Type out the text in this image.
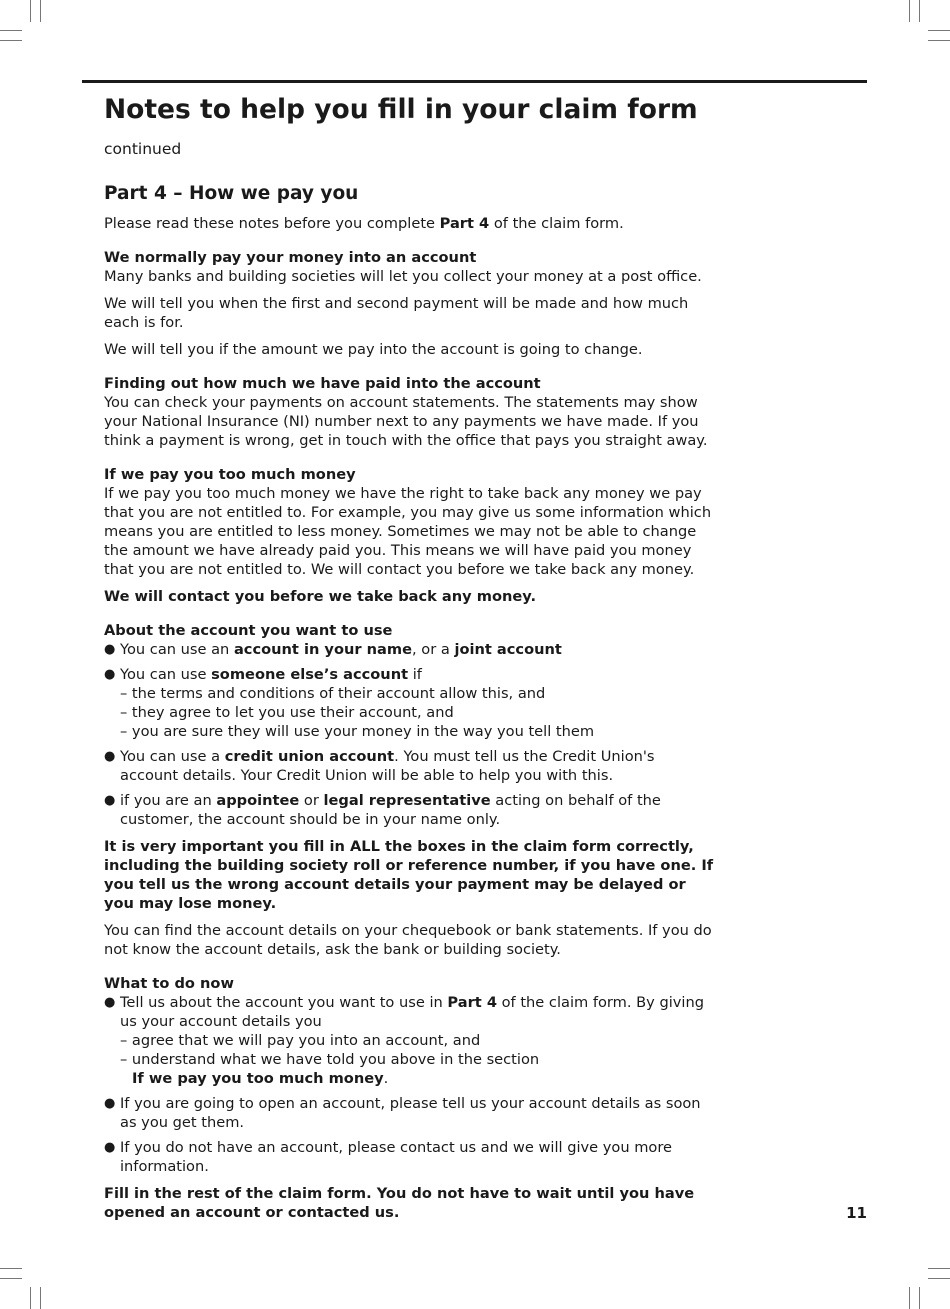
Notes to help you fill in your claim form continued
Part 4 – How we pay you

Please read these notes before you complete Part 4 of the claim form.

We normally pay your money into an account

Many banks and building societies will let you collect your money at a post office.

We will tell you when the first and second payment will be made and how much each is for.

We will tell you if the amount we pay into the account is going to change.

Finding out how much we have paid into the account

You can check your payments on account statements. The statements may show your National Insurance (NI) number next to any payments we have made. If you think a payment is wrong, get in touch with the office that pays you straight away.

If we pay you too much money

If we pay you too much money we have the right to take back any money we pay that you are not entitled to. For example, you may give us some information which means you are entitled to less money. Sometimes we may not be able to change the amount we have already paid you. This means we will have paid you money that you are not entitled to. We will contact you before we take back any money.

We will contact you before we take back any money.

About the account you want to use

● You can use an account in your name, or a joint account
● You can use someone else’s account if
– the terms and conditions of their account allow this, and
– they agree to let you use their account, and
– you are sure they will use your money in the way you tell them
● You can use a credit union account. You must tell us the Credit Union's account details. Your Credit Union will be able to help you with this.
● if you are an appointee or legal representative acting on behalf of the customer, the account should be in your name only.

It is very important you fill in ALL the boxes in the claim form correctly, including the building society roll or reference number, if you have one. If you tell us the wrong account details your payment may be delayed or you may lose money.

You can find the account details on your chequebook or bank statements. If you do not know the account details, ask the bank or building society.

What to do now

● Tell us about the account you want to use in Part 4 of the claim form. By giving us your account details you
– agree that we will pay you into an account, and
– understand what we have told you above in the section
If we pay you too much money.
● If you are going to open an account, please tell us your account details as soon as you get them.
● If you do not have an account, please contact us and we will give you more information.

Fill in the rest of the claim form. You do not have to wait until you have opened an account or contacted us.	11
